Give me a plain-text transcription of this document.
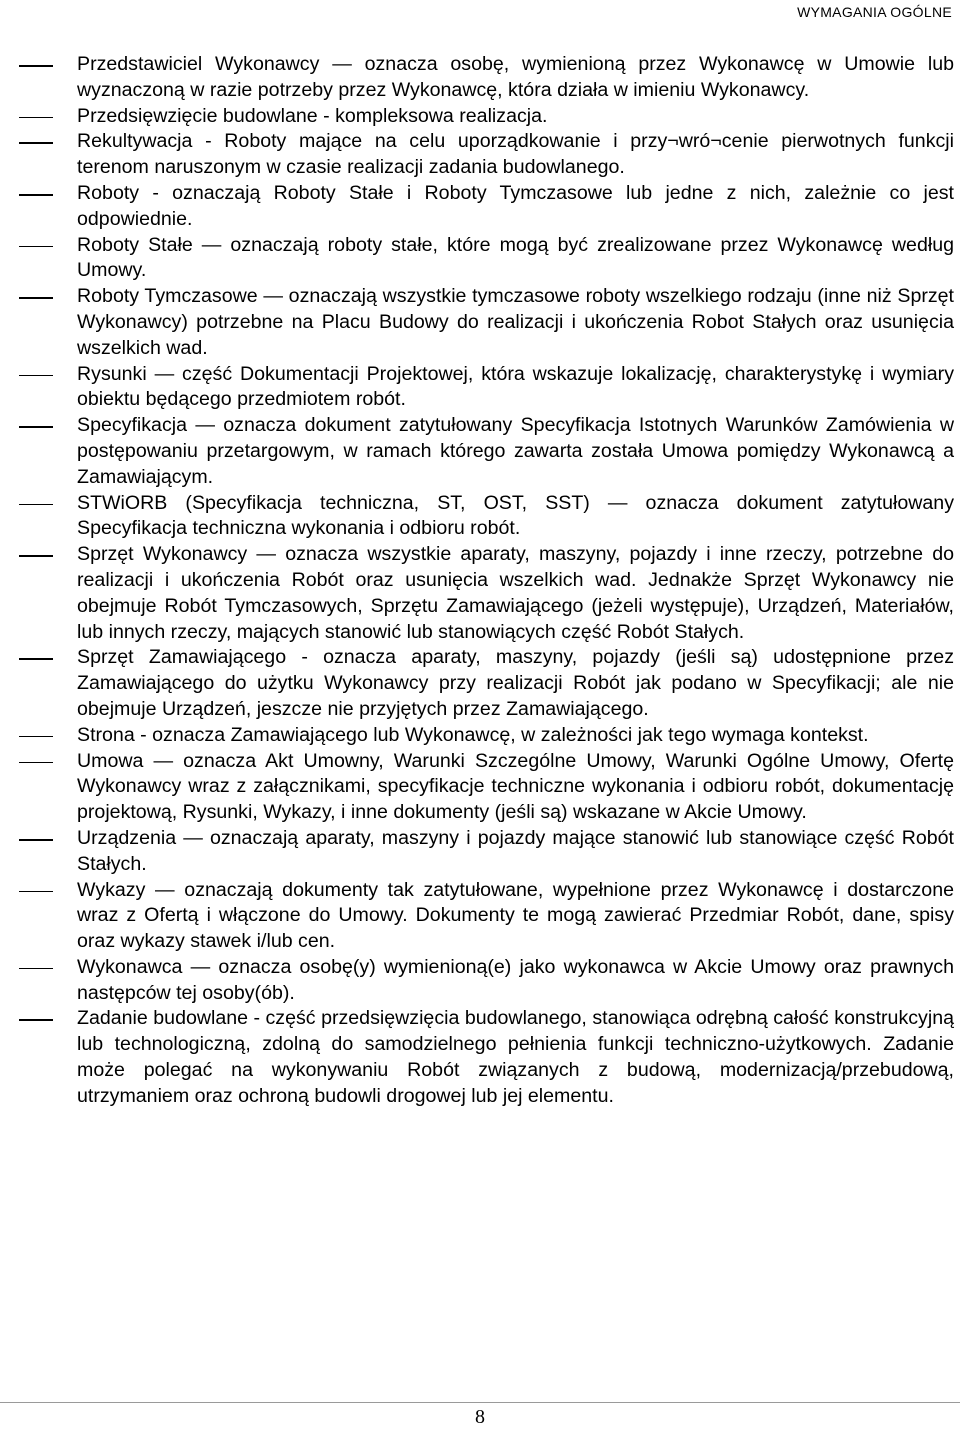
WYMAGANIA OGÓLNE
Przedstawiciel Wykonawcy — oznacza osobę, wymienioną przez Wykonawcę w Umowie lub wyznaczoną w razie potrzeby przez Wykonawcę, która działa w imieniu Wykonawcy.
Przedsięwzięcie budowlane - kompleksowa realizacja.
Rekultywacja - Roboty mające na celu uporządkowanie i przy¬wró¬cenie pierwotnych funkcji terenom naruszonym w czasie realizacji zadania budowlanego.
Roboty - oznaczają Roboty Stałe i Roboty Tymczasowe lub jedne z nich, zależnie co jest odpowiednie.
Roboty Stałe — oznaczają roboty stałe, które mogą być zrealizowane przez Wykonawcę według Umowy.
Roboty Tymczasowe — oznaczają wszystkie tymczasowe roboty wszelkiego rodzaju (inne niż Sprzęt Wykonawcy) potrzebne na Placu Budowy do realizacji i ukończenia Robot Stałych oraz usunięcia wszelkich wad.
Rysunki — część Dokumentacji Projektowej, która wskazuje lokalizację, charakterystykę i wymiary obiektu będącego przedmiotem robót.
Specyfikacja — oznacza dokument zatytułowany Specyfikacja Istotnych Warunków Zamówienia w postępowaniu przetargowym, w ramach którego zawarta została Umowa pomiędzy Wykonawcą a Zamawiającym.
STWiORB (Specyfikacja techniczna, ST, OST, SST) — oznacza dokument zatytułowany Specyfikacja techniczna wykonania i odbioru robót.
Sprzęt Wykonawcy — oznacza wszystkie aparaty, maszyny, pojazdy i inne rzeczy, potrzebne do realizacji i ukończenia Robót oraz usunięcia wszelkich wad. Jednakże Sprzęt Wykonawcy nie obejmuje Robót Tymczasowych, Sprzętu Zamawiającego (jeżeli występuje), Urządzeń, Materiałów, lub innych rzeczy, mających stanowić lub stanowiących część Robót Stałych.
Sprzęt Zamawiającego - oznacza aparaty, maszyny, pojazdy (jeśli są) udostępnione przez Zamawiającego do użytku Wykonawcy przy realizacji Robót jak podano w Specyfikacji; ale nie obejmuje Urządzeń, jeszcze nie przyjętych przez Zamawiającego.
Strona - oznacza Zamawiającego lub Wykonawcę, w zależności jak tego wymaga kontekst.
Umowa — oznacza Akt Umowny, Warunki Szczególne Umowy, Warunki Ogólne Umowy, Ofertę Wykonawcy wraz z załącznikami, specyfikacje techniczne wykonania i odbioru robót, dokumentację projektową, Rysunki, Wykazy, i inne dokumenty (jeśli są) wskazane w Akcie Umowy.
Urządzenia — oznaczają aparaty, maszyny i pojazdy mające stanowić lub stanowiące część Robót Stałych.
Wykazy — oznaczają dokumenty tak zatytułowane, wypełnione przez Wykonawcę i dostarczone wraz z Ofertą i włączone do Umowy. Dokumenty te mogą zawierać Przedmiar Robót, dane, spisy oraz wykazy stawek i/lub cen.
Wykonawca — oznacza osobę(y) wymienioną(e) jako wykonawca w Akcie Umowy oraz prawnych następców tej osoby(ób).
Zadanie budowlane - część przedsięwzięcia budowlanego, stanowiąca odrębną całość konstrukcyjną lub technologiczną, zdolną do samodzielnego pełnienia funkcji techniczno-użytkowych. Zadanie może polegać na wykonywaniu Robót związanych z budową, modernizacją/przebudową, utrzymaniem oraz ochroną budowli drogowej lub jej elementu.
8
